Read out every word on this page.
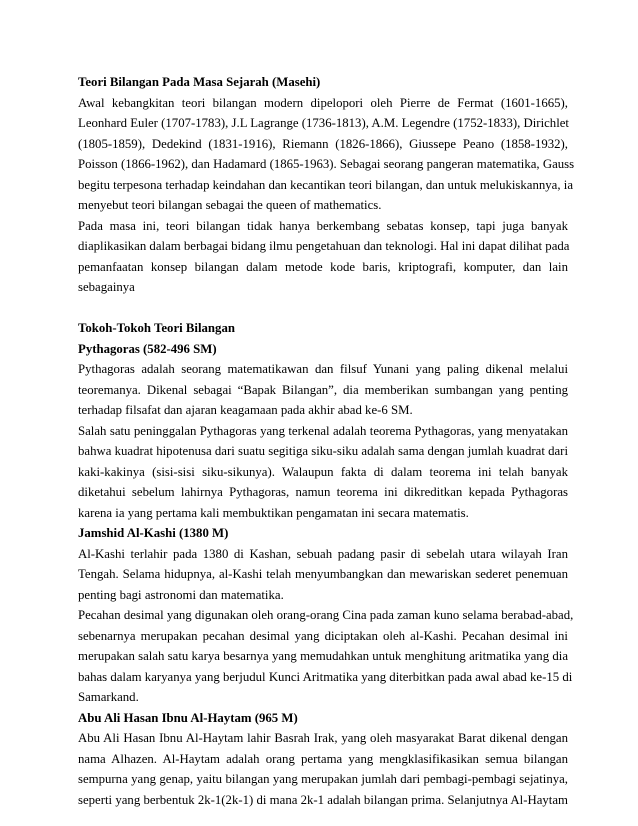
Teori Bilangan Pada Masa Sejarah (Masehi)
Awal kebangkitan teori bilangan modern dipelopori oleh Pierre de Fermat (1601-1665),
Leonhard Euler (1707-1783), J.L Lagrange (1736-1813), A.M. Legendre (1752-1833), Dirichlet
(1805-1859), Dedekind (1831-1916), Riemann (1826-1866), Giussepe Peano (1858-1932),
Poisson (1866-1962), dan Hadamard (1865-1963). Sebagai seorang pangeran matematika, Gauss
begitu terpesona terhadap keindahan dan kecantikan teori bilangan, dan untuk melukiskannya, ia
menyebut teori bilangan sebagai the queen of mathematics.
Pada masa ini, teori bilangan tidak hanya berkembang sebatas konsep, tapi juga banyak
diaplikasikan dalam berbagai bidang ilmu pengetahuan dan teknologi. Hal ini dapat dilihat pada
pemanfaatan konsep bilangan dalam metode kode baris, kriptografi, komputer, dan lain
sebagainya
Tokoh-Tokoh Teori Bilangan
Pythagoras (582-496 SM)
Pythagoras adalah seorang matematikawan dan filsuf Yunani yang paling dikenal melalui
teoremanya. Dikenal sebagai “Bapak Bilangan”, dia memberikan sumbangan yang penting
terhadap filsafat dan ajaran keagamaan pada akhir abad ke-6 SM.
Salah satu peninggalan Pythagoras yang terkenal adalah teorema Pythagoras, yang menyatakan
bahwa kuadrat hipotenusa dari suatu segitiga siku-siku adalah sama dengan jumlah kuadrat dari
kaki-kakinya (sisi-sisi siku-sikunya). Walaupun fakta di dalam teorema ini telah banyak
diketahui sebelum lahirnya Pythagoras, namun teorema ini dikreditkan kepada Pythagoras
karena ia yang pertama kali membuktikan pengamatan ini secara matematis.
Jamshid Al-Kashi (1380 M)
Al-Kashi terlahir pada 1380 di Kashan, sebuah padang pasir di sebelah utara wilayah Iran
Tengah. Selama hidupnya, al-Kashi telah menyumbangkan dan mewariskan sederet penemuan
penting bagi astronomi dan matematika.
Pecahan desimal yang digunakan oleh orang-orang Cina pada zaman kuno selama berabad-abad,
sebenarnya merupakan pecahan desimal yang diciptakan oleh al-Kashi. Pecahan desimal ini
merupakan salah satu karya besarnya yang memudahkan untuk menghitung aritmatika yang dia
bahas dalam karyanya yang berjudul Kunci Aritmatika yang diterbitkan pada awal abad ke-15 di
Samarkand.
Abu Ali Hasan Ibnu Al-Haytam (965 M)
Abu Ali Hasan Ibnu Al-Haytam lahir Basrah Irak, yang oleh masyarakat Barat dikenal dengan
nama Alhazen. Al-Haytam adalah orang pertama yang mengklasifikasikan semua bilangan
sempurna yang genap, yaitu bilangan yang merupakan jumlah dari pembagi-pembagi sejatinya,
seperti yang berbentuk 2k-1(2k-1) di mana 2k-1 adalah bilangan prima. Selanjutnya Al-Haytam
